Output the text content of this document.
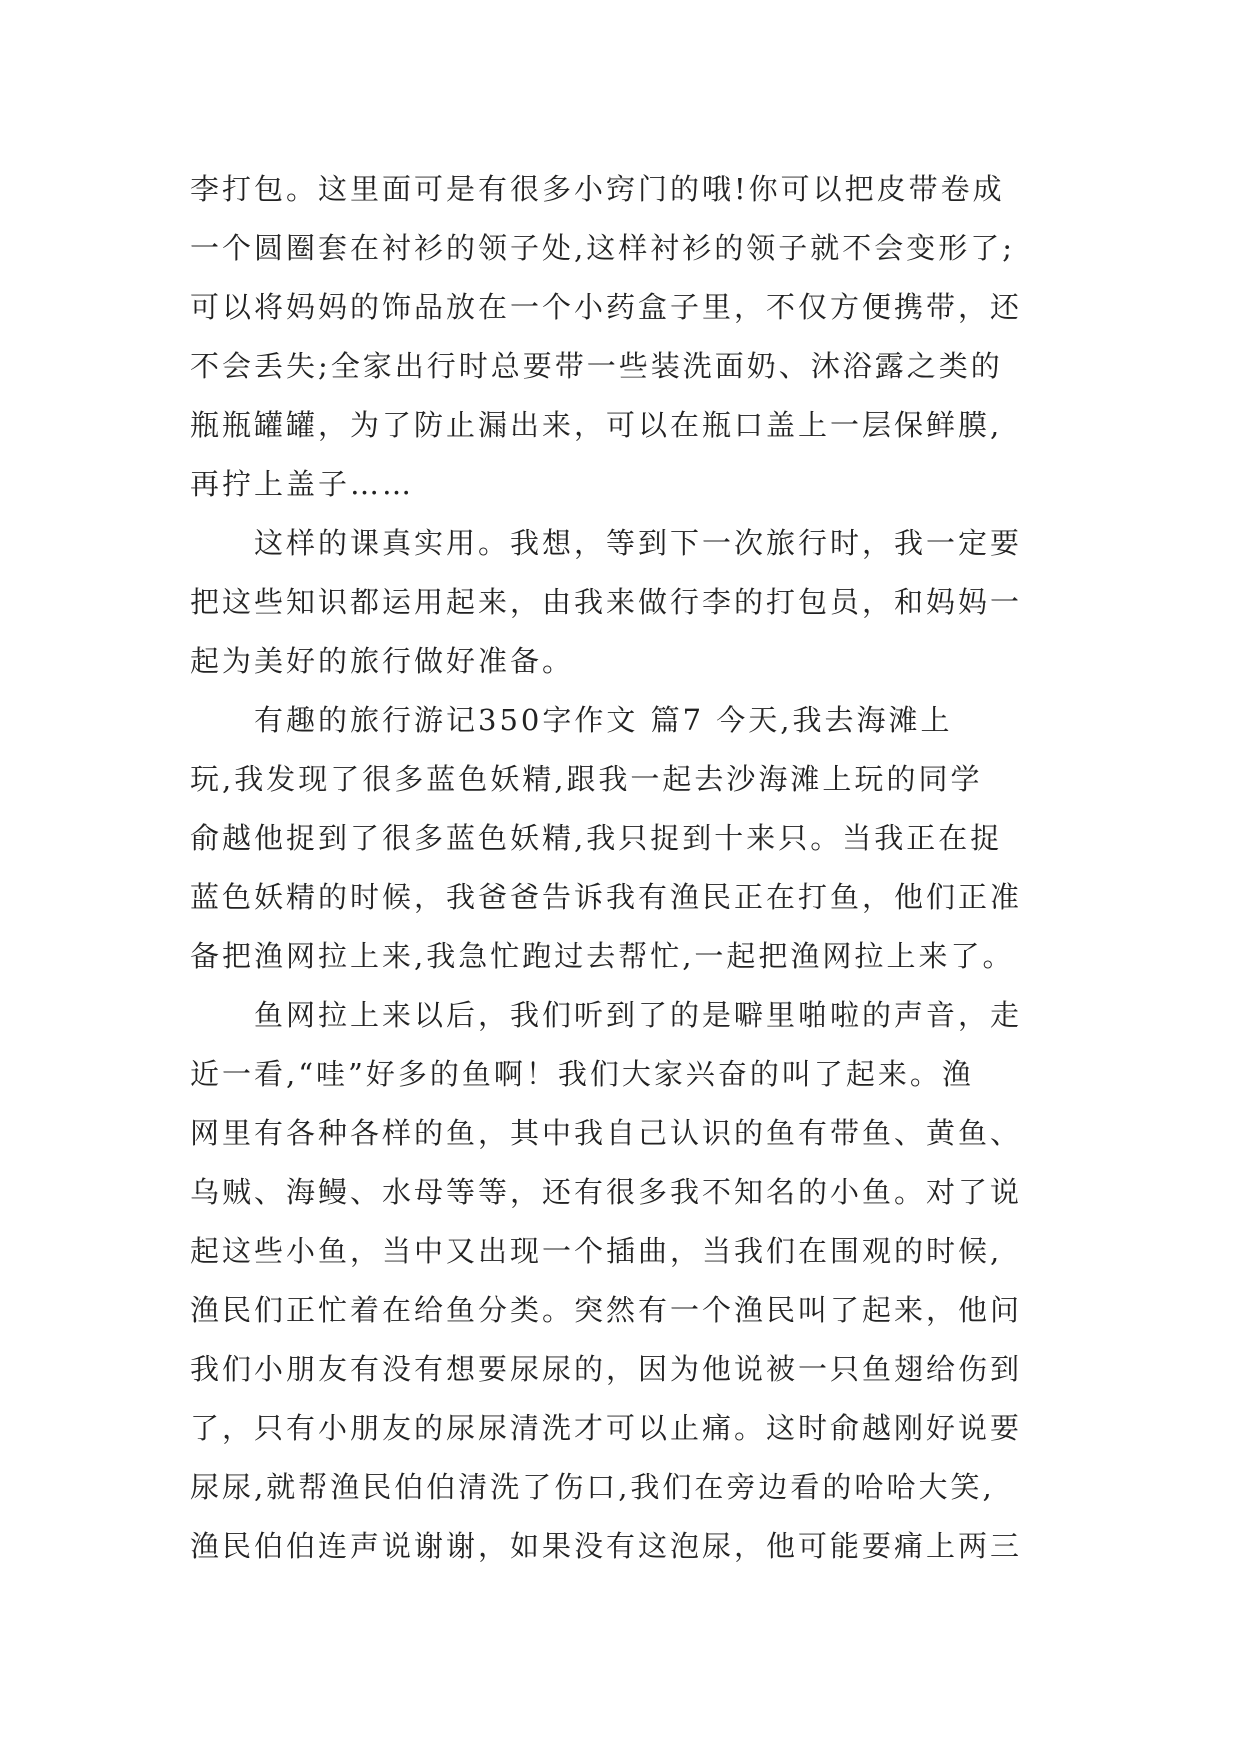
李打包。这里面可是有很多小窍门的哦!你可以把皮带卷成
一个圆圈套在衬衫的领子处,这样衬衫的领子就不会变形了;
可以将妈妈的饰品放在一个小药盒子里，不仅方便携带，还
不会丢失;全家出行时总要带一些装洗面奶、沐浴露之类的
瓶瓶罐罐，为了防止漏出来，可以在瓶口盖上一层保鲜膜,
再拧上盖子……
这样的课真实用。我想，等到下一次旅行时，我一定要
把这些知识都运用起来，由我来做行李的打包员，和妈妈一
起为美好的旅行做好准备。
有趣的旅行游记350字作文 篇7 今天,我去海滩上
玩,我发现了很多蓝色妖精,跟我一起去沙海滩上玩的同学
俞越他捉到了很多蓝色妖精,我只捉到十来只。当我正在捉
蓝色妖精的时候，我爸爸告诉我有渔民正在打鱼，他们正准
备把渔网拉上来,我急忙跑过去帮忙,一起把渔网拉上来了。
鱼网拉上来以后，我们听到了的是噼里啪啦的声音，走
近一看,“哇”好多的鱼啊！我们大家兴奋的叫了起来。渔
网里有各种各样的鱼，其中我自己认识的鱼有带鱼、黄鱼、
乌贼、海鳗、水母等等，还有很多我不知名的小鱼。对了说
起这些小鱼，当中又出现一个插曲，当我们在围观的时候,
渔民们正忙着在给鱼分类。突然有一个渔民叫了起来，他问
我们小朋友有没有想要尿尿的，因为他说被一只鱼翅给伤到
了，只有小朋友的尿尿清洗才可以止痛。这时俞越刚好说要
尿尿,就帮渔民伯伯清洗了伤口,我们在旁边看的哈哈大笑,
渔民伯伯连声说谢谢，如果没有这泡尿，他可能要痛上两三
